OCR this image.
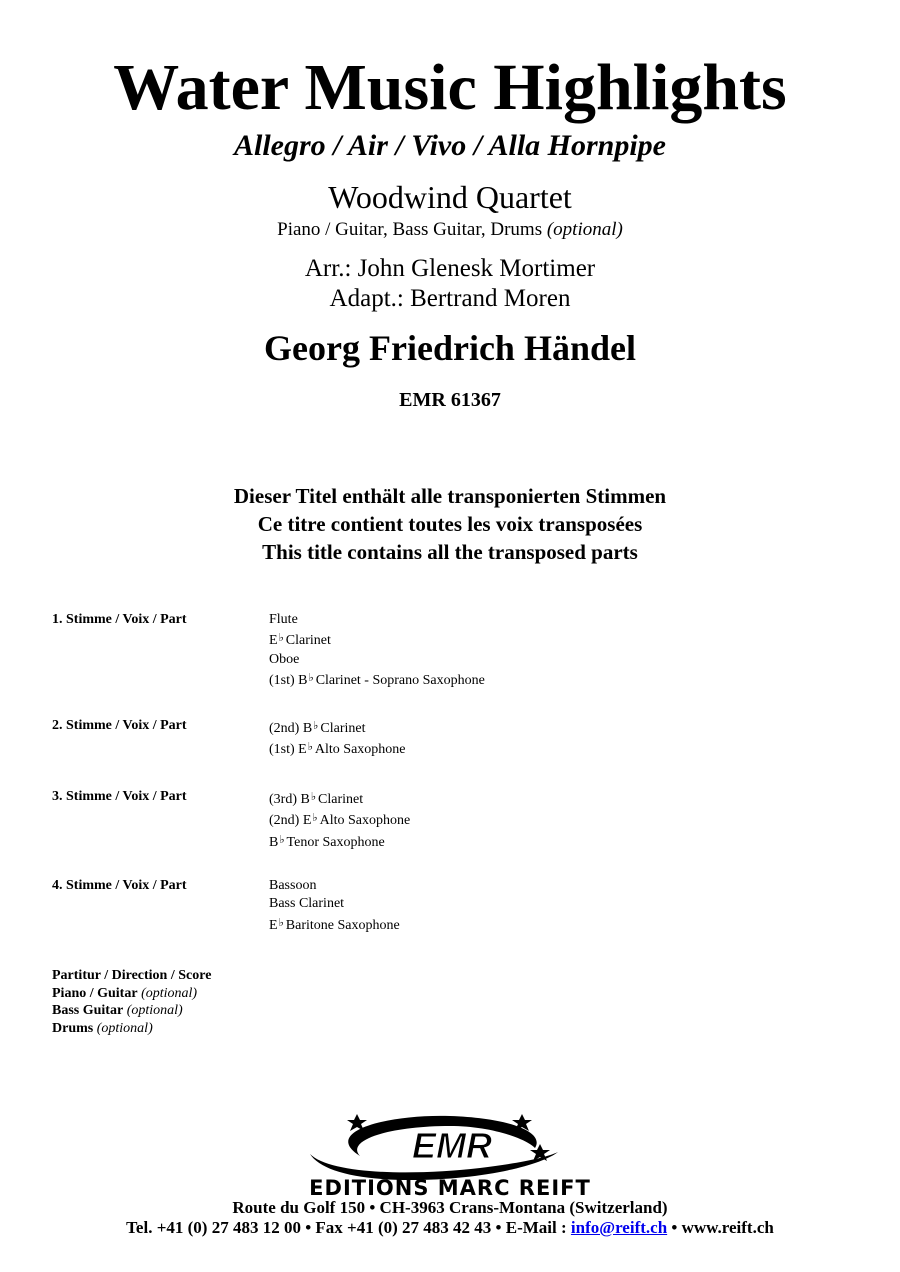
Water Music Highlights
Allegro / Air / Vivo / Alla Hornpipe
Woodwind Quartet
Piano / Guitar, Bass Guitar, Drums (optional)
Arr.: John Glenesk Mortimer
Adapt.: Bertrand Moren
Georg Friedrich Händel
EMR 61367
Dieser Titel enthält alle transponierten Stimmen
Ce titre contient toutes les voix transposées
This title contains all the transposed parts
1. Stimme / Voix / Part	Flute
E♭ Clarinet
Oboe
(1st) B♭ Clarinet - Soprano Saxophone
2. Stimme / Voix / Part	(2nd) B♭ Clarinet
(1st) E♭ Alto Saxophone
3. Stimme / Voix / Part	(3rd) B♭ Clarinet
(2nd) E♭ Alto Saxophone
B♭ Tenor Saxophone
4. Stimme / Voix / Part	Bassoon
Bass Clarinet
E♭ Baritone Saxophone
Partitur / Direction / Score
Piano / Guitar (optional)
Bass Guitar (optional)
Drums (optional)
EMR
EDITIONS MARC REIFT
Route du Golf 150 • CH-3963 Crans-Montana (Switzerland)
Tel. +41 (0) 27 483 12 00 • Fax +41 (0) 27 483 42 43 • E-Mail : info@reift.ch • www.reift.ch
